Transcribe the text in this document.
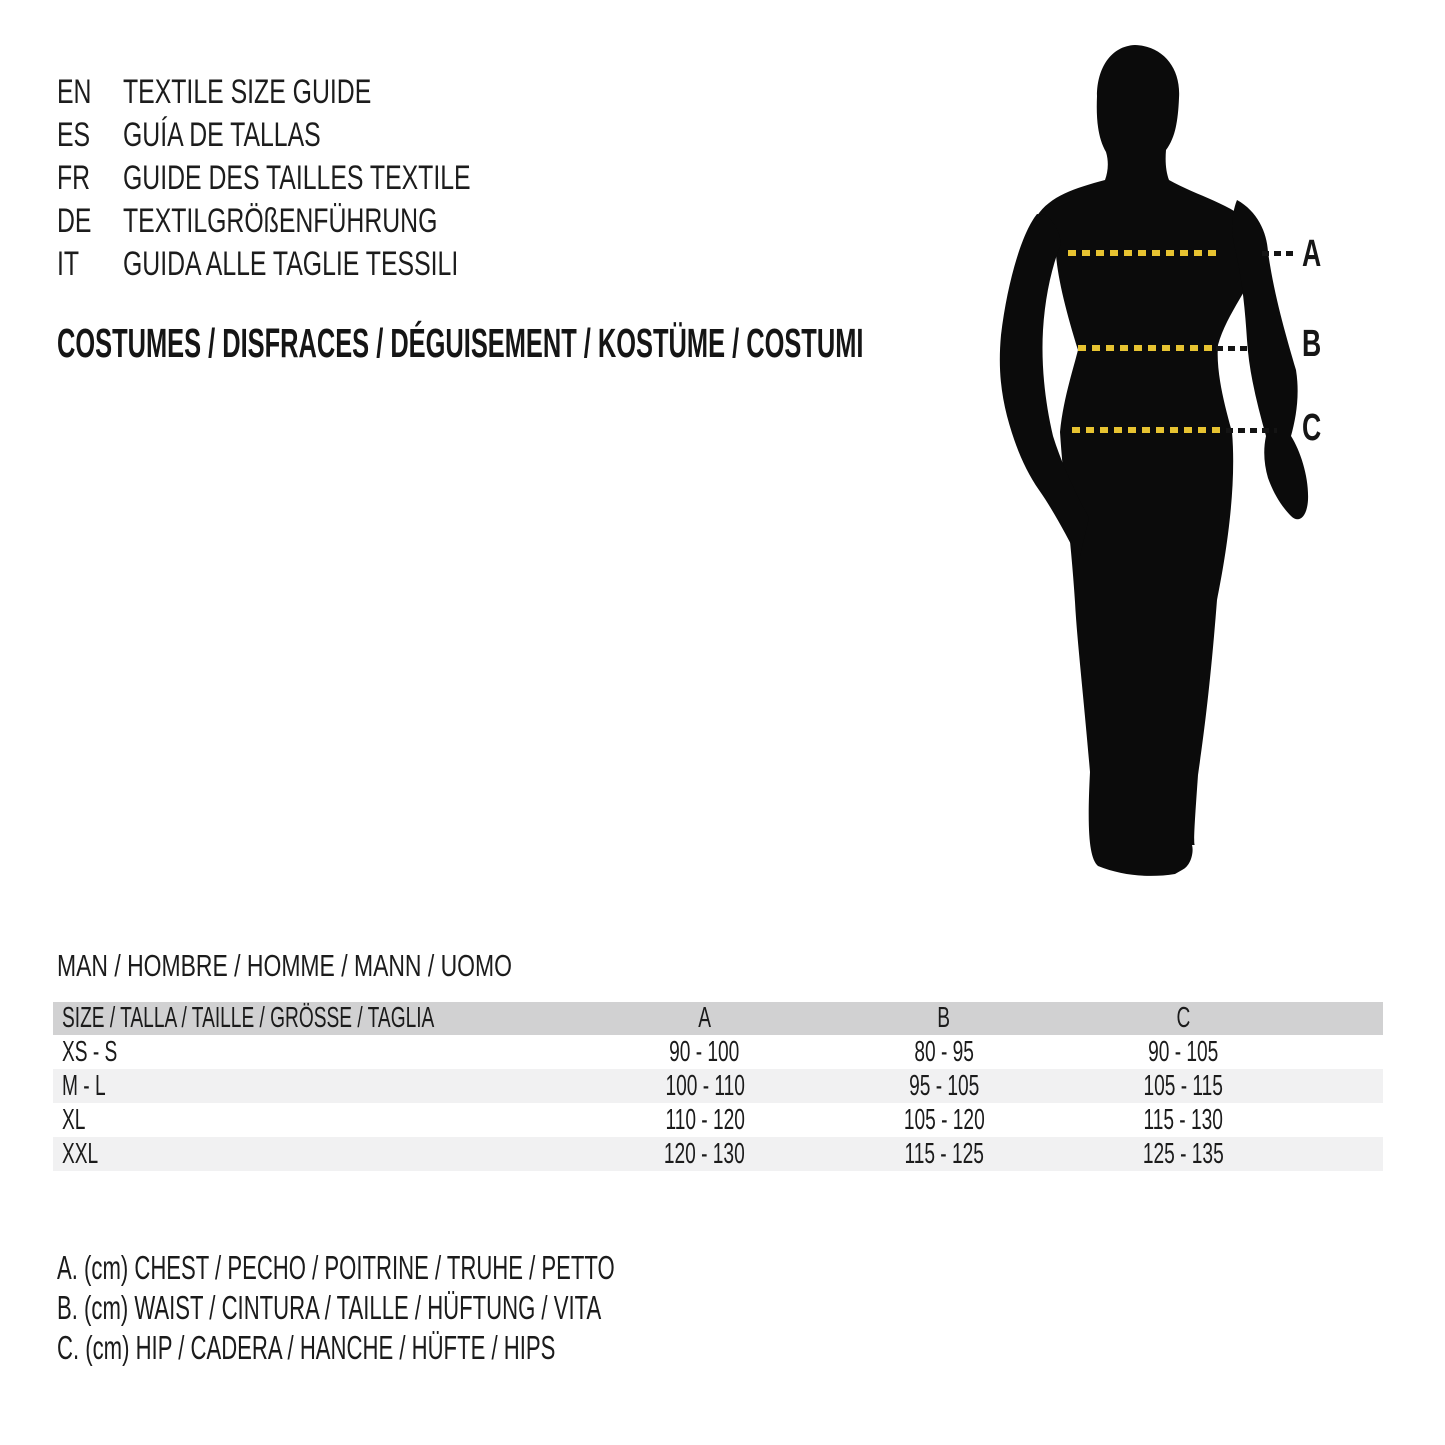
EN TEXTILE SIZE GUIDE
ES GUÍA DE TALLAS
FR GUIDE DES TAILLES TEXTILE
DE TEXTILGRÖßENFÜHRUNG
IT	GUIDA ALLE TAGLIE TESSILI
COSTUMES / DISFRACES / DÉGUISEMENT / KOSTÜME / COSTUMI
A
B
C
MAN / HOMBRE / HOMME / MANN / UOMO
SIZE / TALLA / TAILLE / GRÖSSE / TAGLIA	A	B	C	
XS - S	90 - 100	80 - 95	90 - 105	
M - L	100 - 110	95 - 105	105 - 115	
XL	110 - 120	105 - 120	115 - 130	
XXL	120 - 130	115 - 125	125 - 135	
A. (cm) CHEST / PECHO / POITRINE / TRUHE / PETTO
B. (cm) WAIST / CINTURA / TAILLE / HÜFTUNG / VITA
C. (cm) HIP / CADERA / HANCHE / HÜFTE / HIPS
